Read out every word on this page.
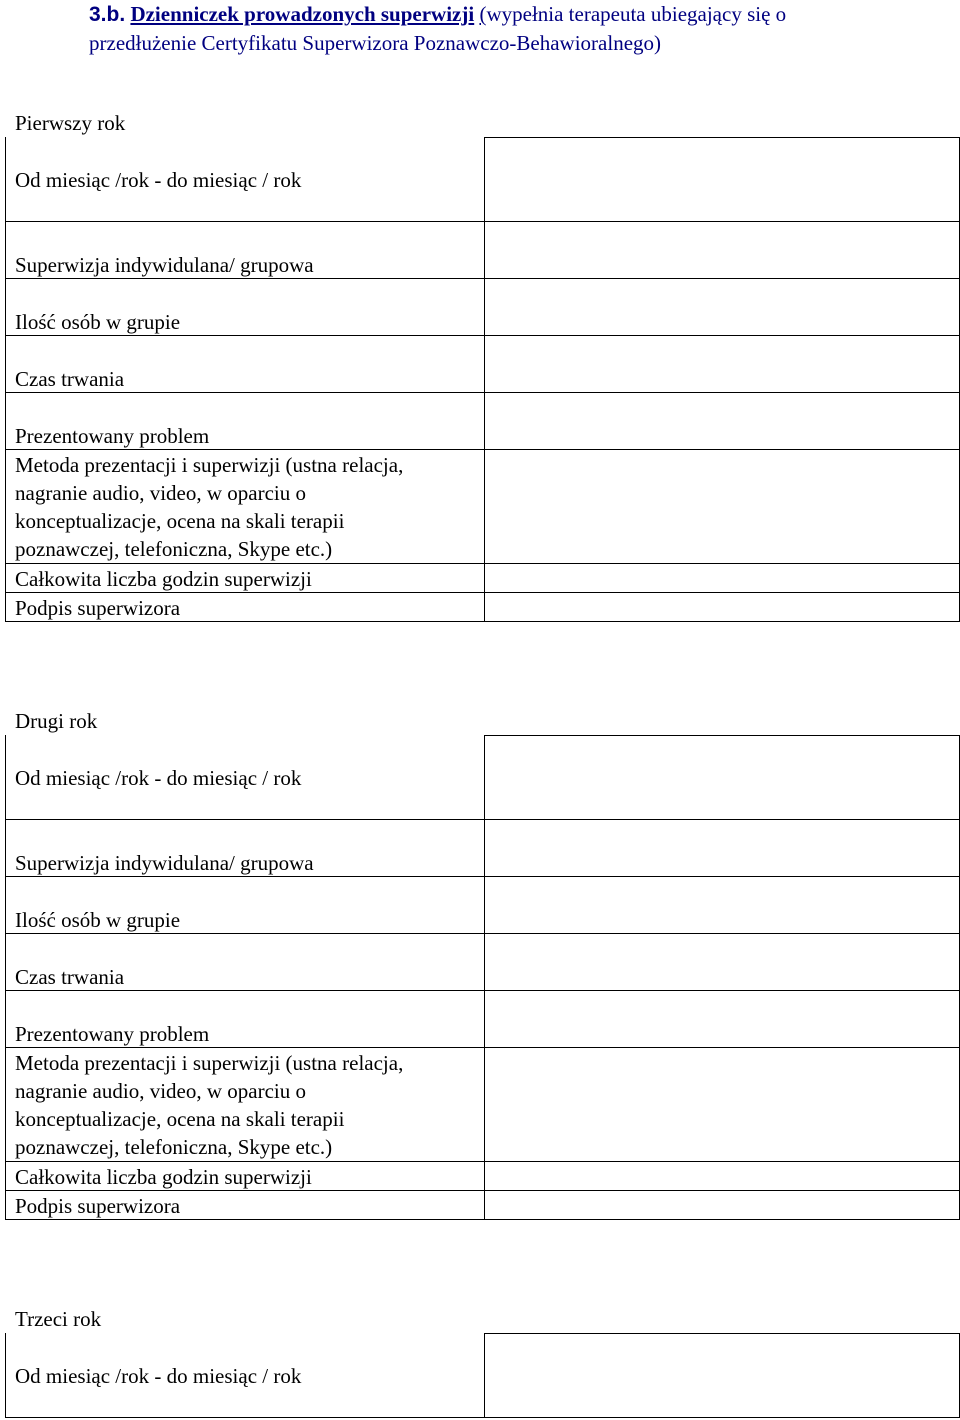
3.b. Dzienniczek prowadzonych superwizji (wypełnia terapeuta ubiegający się o
przedłużenie Certyfikatu Superwizora Poznawczo-Behawioralnego)
Pierwszy rok
Od miesiąc /rok - do miesiąc / rok
Superwizja indywidulana/ grupowa
Ilość osób w grupie
Czas trwania
Prezentowany problem
Metoda prezentacji i superwizji (ustna relacja,
nagranie audio, video, w oparciu o
konceptualizacje, ocena na skali terapii
poznawczej, telefoniczna, Skype etc.)
Całkowita liczba godzin superwizji
Podpis superwizora
Drugi rok
Od miesiąc /rok - do miesiąc / rok
Superwizja indywidulana/ grupowa
Ilość osób w grupie
Czas trwania
Prezentowany problem
Metoda prezentacji i superwizji (ustna relacja,
nagranie audio, video, w oparciu o
konceptualizacje, ocena na skali terapii
poznawczej, telefoniczna, Skype etc.)
Całkowita liczba godzin superwizji
Podpis superwizora
Trzeci rok
Od miesiąc /rok - do miesiąc / rok
